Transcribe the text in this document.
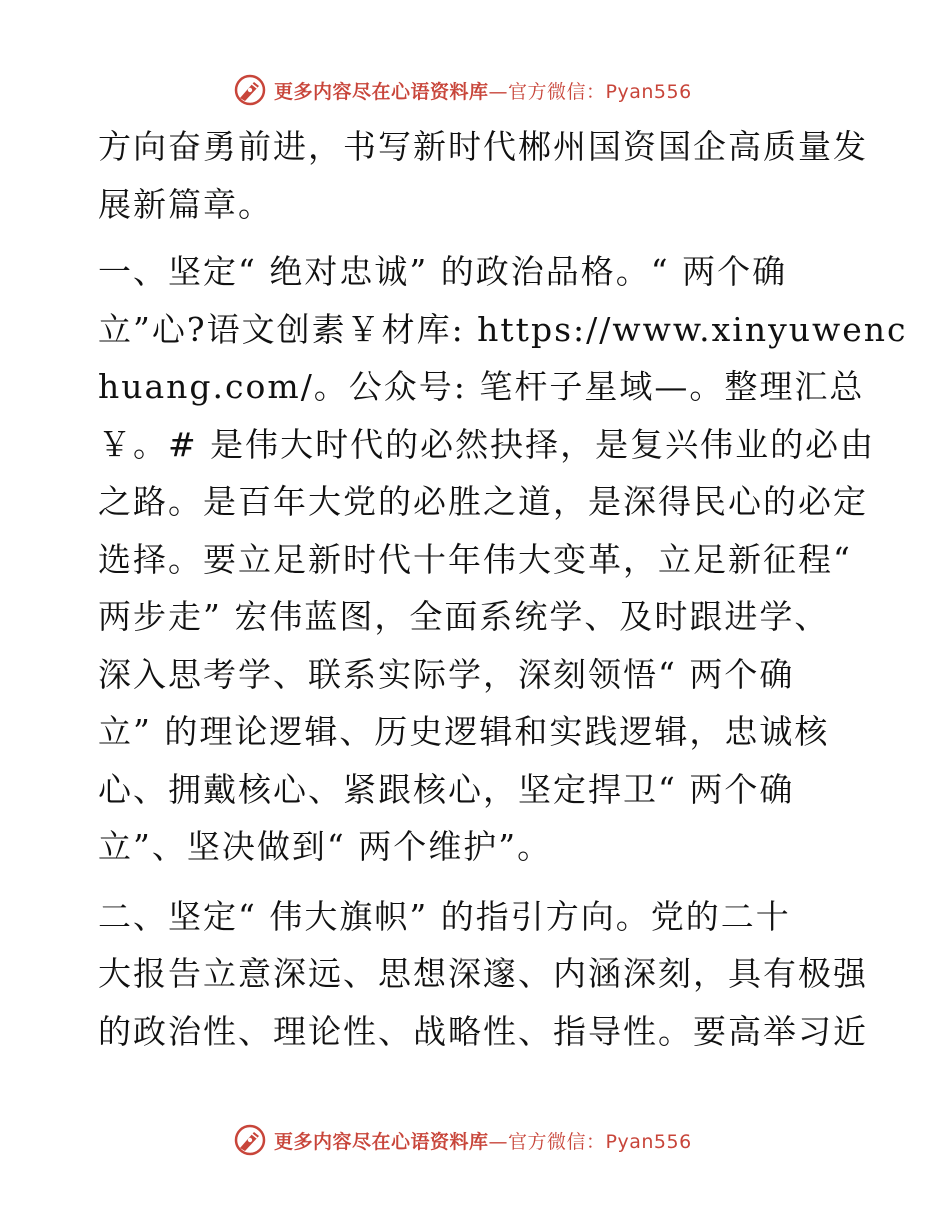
更多内容尽在心语资料库—官方微信：Pyan556

方向奋勇前进，书写新时代郴州国资国企高质量发
展新篇章。

一、坚定“ 绝对忠诚” 的政治品格。“ 两个确
立”心?语文创素￥材库: https://www.xinyuwenc
huang.com/。公众号: 笔杆子星域—。整理汇总
￥。# 是伟大时代的必然抉择，是复兴伟业的必由
之路。是百年大党的必胜之道，是深得民心的必定
选择。要立足新时代十年伟大变革，立足新征程“
两步走” 宏伟蓝图，全面系统学、及时跟进学、
深入思考学、联系实际学，深刻领悟“ 两个确
立” 的理论逻辑、历史逻辑和实践逻辑，忠诚核
心、拥戴核心、紧跟核心，坚定捍卫“ 两个确
立”、坚决做到“ 两个维护”。

二、坚定“ 伟大旗帜” 的指引方向。党的二十
大报告立意深远、思想深邃、内涵深刻，具有极强
的政治性、理论性、战略性、指导性。要高举习近

更多内容尽在心语资料库—官方微信：Pyan556
